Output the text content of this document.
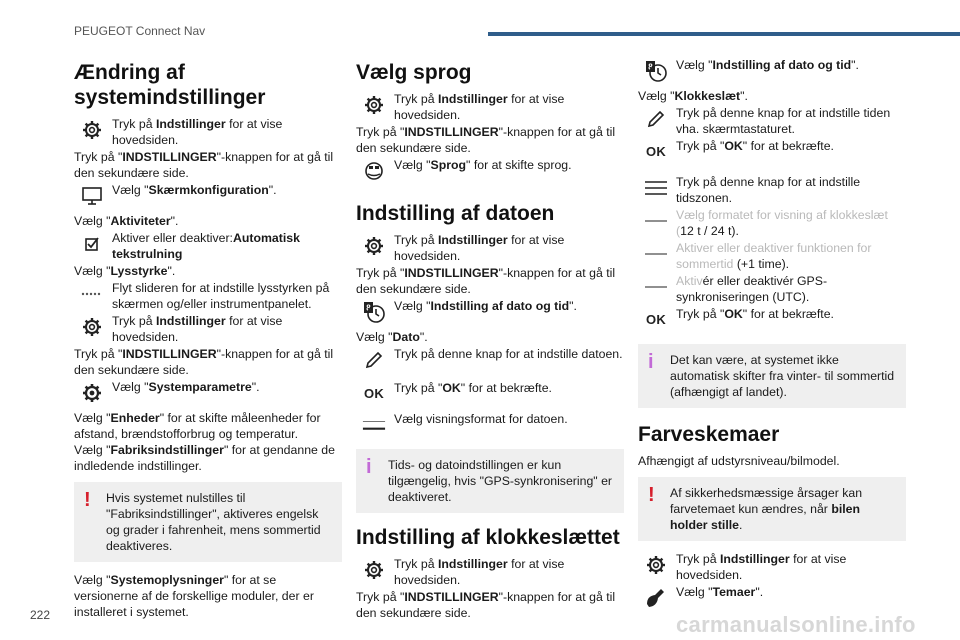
PEUGEOT Connect Nav
Ændring af systemindstillinger
Tryk på Indstillinger for at vise hovedsiden.

Tryk på "INDSTILLINGER"-knappen for at gå til den sekundære side.

Vælg "Skærmkonfiguration".

Vælg "Aktiviteter".

Aktiver eller deaktiver:Automatisk tekstrulning

Vælg "Lysstyrke".

Flyt slideren for at indstille lysstyrken på skærmen og/eller instrumentpanelet.
Tryk på Indstillinger for at vise hovedsiden.

Tryk på "INDSTILLINGER"-knappen for at gå til den sekundære side.

Vælg "Systemparametre".

Vælg "Enheder" for at skifte måleenheder for afstand, brændstofforbrug og temperatur.

Vælg "Fabriksindstillinger" for at gendanne de indledende indstillinger.

!	Hvis systemet nulstilles til "Fabriksindstillinger", aktiveres engelsk og grader i fahrenheit, mens sommertid deaktiveres.

Vælg "Systemoplysninger" for at se versionerne af de forskellige moduler, der er installeret i systemet.

Vælg sprog
Tryk på Indstillinger for at vise hovedsiden.

Tryk på "INDSTILLINGER"-knappen for at gå til den sekundære side.

Vælg "Sprog" for at skifte sprog.
Indstilling af datoen
Tryk på Indstillinger for at vise hovedsiden.

Tryk på "INDSTILLINGER"-knappen for at gå til den sekundære side.

8 Vælg "Indstilling af dato og tid".

Vælg "Dato".

Tryk på denne knap for at indstille datoen.
OK Tryk på "OK" for at bekræfte.
Vælg visningsformat for datoen.
i	Tids- og datoindstillingen er kun tilgængelig, hvis "GPS-synkronisering" er deaktiveret.
Indstilling af klokkeslættet
Tryk på Indstillinger for at vise hovedsiden.

Tryk på "INDSTILLINGER"-knappen for at gå til den sekundære side.

8 Vælg "Indstilling af dato og tid".

Vælg "Klokkeslæt".

Tryk på denne knap for at indstille tiden vha. skærmtastaturet.
OK Tryk på "OK" for at bekræfte.
Tryk på denne knap for at indstille tidszonen.
Vælg formatet for visning af klokkeslæt (12 t / 24 t).
Aktiver eller deaktiver funktionen for sommertid (+1 time).
Aktivér eller deaktivér GPS-synkroniseringen (UTC).
OK Tryk på "OK" for at bekræfte.
i	Det kan være, at systemet ikke automatisk skifter fra vinter- til sommertid (afhængigt af landet).
Farveskemaer

Afhængigt af udstyrsniveau/bilmodel.

!	Af sikkerhedsmæssige årsager kan farvetemaet kun ændres, når bilen holder stille.
Tryk på Indstillinger for at vise hovedsiden.
Vælg "Temaer".
222	carmanualsonline.info
